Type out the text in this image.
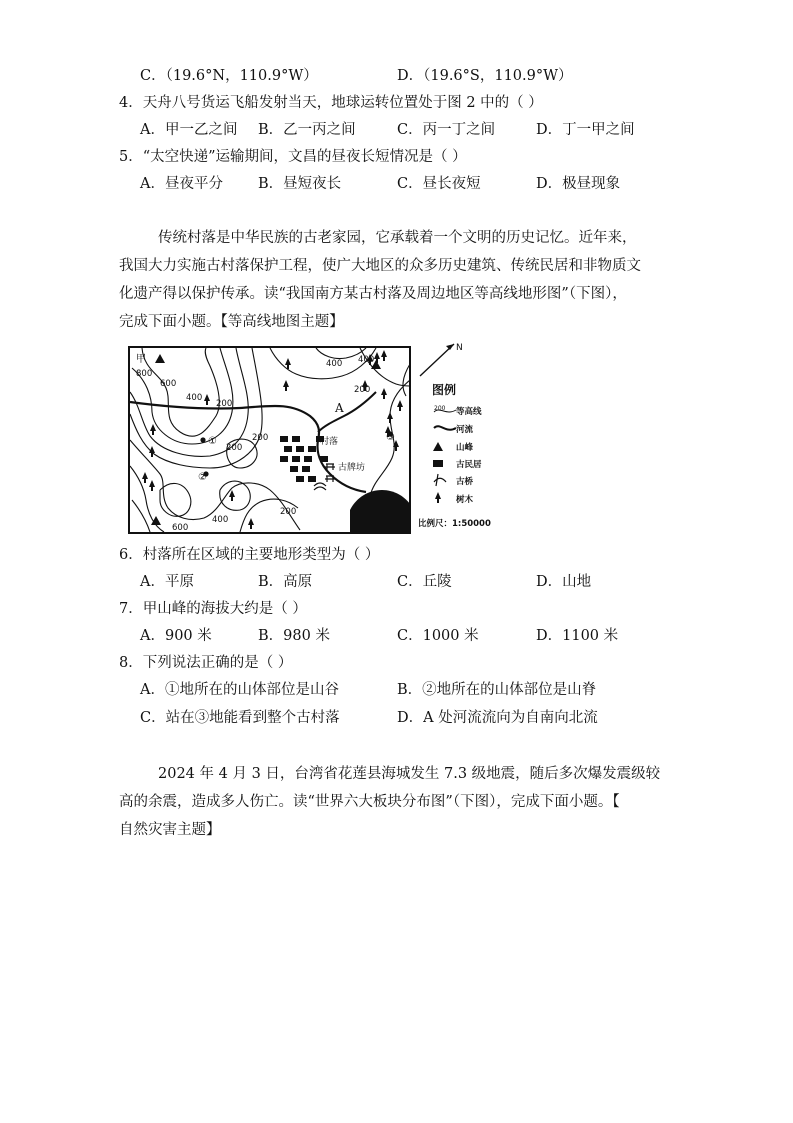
C．（19.6°N，110.9°W）	D．（19.6°S，110.9°W）
4．天舟八号货运飞船发射当天，地球运转位置处于图 2 中的（ ）
A．甲一乙之间 B．乙一丙之间	C．丙一丁之间	D．丁一甲之间
5．“太空快递”运输期间，文昌的昼夜长短情况是（ ）
A．昼夜平分 B．昼短夜长	C．昼长夜短	D．极昼现象
传统村落是中华民族的古老家园，它承载着一个文明的历史记忆。近年来，
我国大力实施古村落保护工程，使广大地区的众多历史建筑、传统民居和非物质文
化遗产得以保护传承。读“我国南方某古村落及周边地区等高线地形图”（下图），
完成下面小题。【等高线地图主题】
800
600
400
200
200
400
200
400
200
600
400
200
甲
A
①
②
③
村落
古牌坊
N
图例
200 等高线
河流
山峰
古民居
古桥
树木
比例尺：1:50000
6．村落所在区域的主要地形类型为（ ）
A．平原	B．高原	C．丘陵	D．山地
7．甲山峰的海拔大约是（ ）
A．900 米	B．980 米	C．1000 米	D．1100 米
8．下列说法正确的是（ ）
A．①地所在的山体部位是山谷	B．②地所在的山体部位是山脊
C．站在③地能看到整个古村落	D．A 处河流流向为自南向北流
2024 年 4 月 3 日，台湾省花莲县海城发生 7.3 级地震，随后多次爆发震级较
高的余震，造成多人伤亡。读“世界六大板块分布图”（下图），完成下面小题。【
自然灾害主题】
